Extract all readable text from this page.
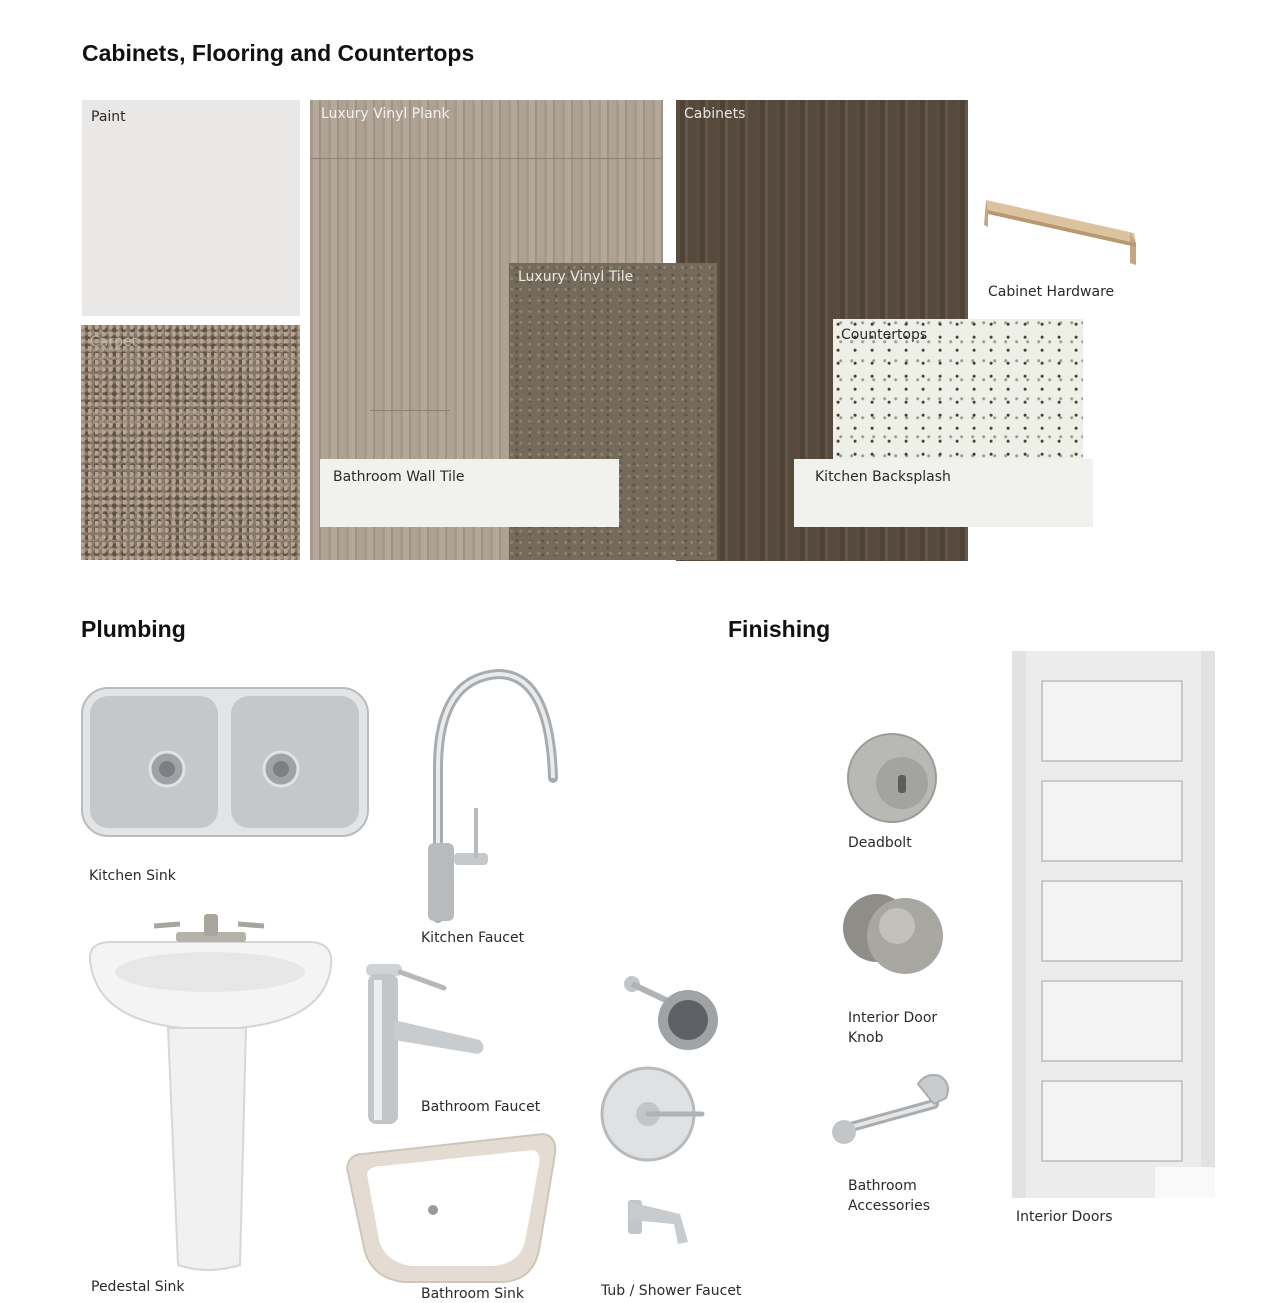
Cabinets, Flooring and Countertops
Plumbing	Finishing
Paint
Carpet
Luxury Vinyl Plank	Cabinets
Luxury Vinyl Tile
Countertops
Bathroom Wall Tile	Kitchen Backsplash
Cabinet Hardware
Kitchen Sink
Kitchen Faucet
Pedestal Sink
Bathroom Faucet
Bathroom Sink	Tub / Shower Faucet
Deadbolt
Interior Door
Knob
Bathroom
Accessories
Interior Doors
